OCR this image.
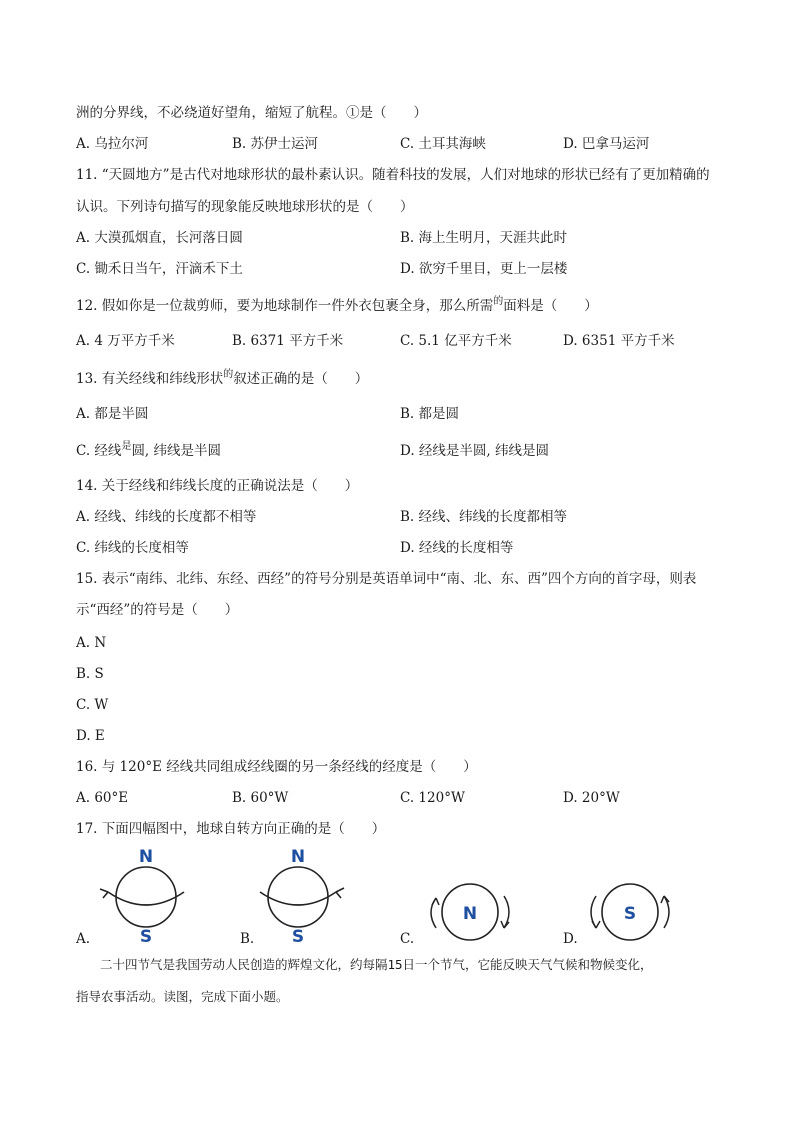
洲的分界线，不必绕道好望角，缩短了航程。①是（　　）
A. 乌拉尔河	B. 苏伊士运河	C. 土耳其海峡	D. 巴拿马运河
11. “天圆地方”是古代对地球形状的最朴素认识。随着科技的发展，人们对地球的形状已经有了更加精确的
认识。下列诗句描写的现象能反映地球形状的是（　　）
A. 大漠孤烟直，长河落日圆	B. 海上生明月，天涯共此时
C. 锄禾日当午，汗滴禾下土	D. 欲穷千里目，更上一层楼
12. 假如你是一位裁剪师，要为地球制作一件外衣包裹全身，那么所需$^的$面料是（　　）
A. 4 万平方千米	B. 6371 平方千米	C. 5.1 亿平方千米	D. 6351 平方千米
13. 有关经线和纬线形状$^的$叙述正确的是（　　）
A. 都是半圆	B. 都是圆
C. 经线$^是$圆, 纬线是半圆	D. 经线是半圆, 纬线是圆
14. 关于经线和纬线长度的正确说法是（　　）
A. 经线、纬线的长度都不相等	B. 经线、纬线的长度都相等
C. 纬线的长度相等	D. 经线的长度相等
15. 表示“南纬、北纬、东经、西经”的符号分别是英语单词中“南、北、东、西”四个方向的首字母，则表
示“西经”的符号是（　　）
A. N
B. S
C. W
D. E
16. 与 120°E 经线共同组成经线圈的另一条经线的经度是（　　）
A. 60°E	B. 60°W	C. 120°W	D. 20°W
17. 下面四幅图中，地球自转方向正确的是（　　）
A.
N
S	B.
N
S	C.
N
D.
S
二十四节气是我国劳动人民创造的辉煌文化，约每隔15日一个节气，它能反映天气气候和物候变化，
指导农事活动。读图，完成下面小题。
